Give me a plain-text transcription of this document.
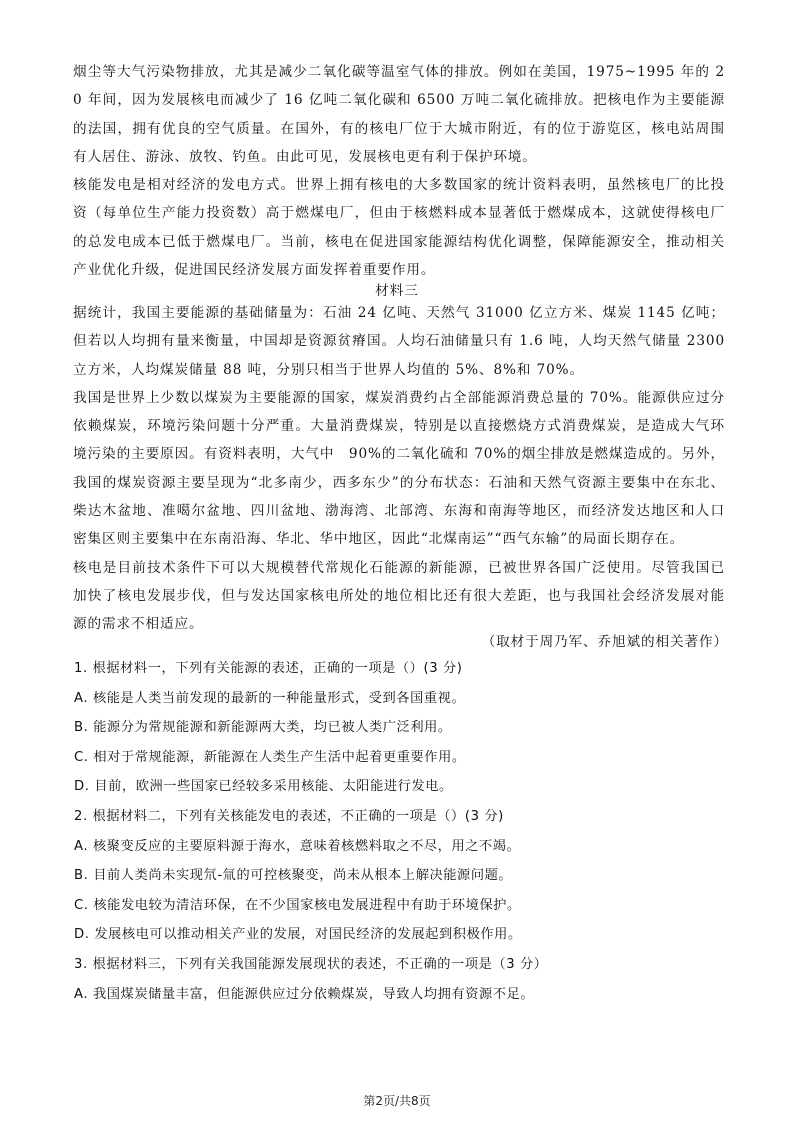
烟尘等大气污染物排放，尤其是减少二氧化碳等温室气体的排放。例如在美国，1975~1995 年的 20 年间，因为发展核电而减少了 16 亿吨二氧化碳和 6500 万吨二氧化硫排放。把核电作为主要能源的法国，拥有优良的空气质量。在国外，有的核电厂位于大城市附近，有的位于游览区，核电站周围有人居住、游泳、放牧、钓鱼。由此可见，发展核电更有利于保护环境。

核能发电是相对经济的发电方式。世界上拥有核电的大多数国家的统计资料表明，虽然核电厂的比投资（每单位生产能力投资数）高于燃煤电厂，但由于核燃料成本显著低于燃煤成本，这就使得核电厂的总发电成本已低于燃煤电厂。当前，核电在促进国家能源结构优化调整，保障能源安全，推动相关产业优化升级，促进国民经济发展方面发挥着重要作用。

材料三

据统计，我国主要能源的基础储量为：石油 24 亿吨、天然气 31000 亿立方米、煤炭 1145 亿吨；但若以人均拥有量来衡量，中国却是资源贫瘠国。人均石油储量只有 1.6 吨，人均天然气储量 2300 立方米，人均煤炭储量 88 吨，分别只相当于世界人均值的 5%、8%和 70%。

我国是世界上少数以煤炭为主要能源的国家，煤炭消费约占全部能源消费总量的 70%。能源供应过分依赖煤炭，环境污染问题十分严重。大量消费煤炭，特别是以直接燃烧方式消费煤炭，是造成大气环境污染的主要原因。有资料表明，大气中　90%的二氧化硫和 70%的烟尘排放是燃煤造成的。另外，我国的煤炭资源主要呈现为“北多南少，西多东少”的分布状态：石油和天然气资源主要集中在东北、柴达木盆地、准噶尔盆地、四川盆地、渤海湾、北部湾、东海和南海等地区，而经济发达地区和人口密集区则主要集中在东南沿海、华北、华中地区，因此“北煤南运”“西气东输”的局面长期存在。

核电是目前技术条件下可以大规模替代常规化石能源的新能源，已被世界各国广泛使用。尽管我国已加快了核电发展步伐，但与发达国家核电所处的地位相比还有很大差距，也与我国社会经济发展对能源的需求不相适应。

（取材于周乃军、乔旭斌的相关著作）
1. 根据材料一，下列有关能源的表述，正确的一项是（）(3 分)
A. 核能是人类当前发现的最新的一种能量形式，受到各国重视。
B. 能源分为常规能源和新能源两大类，均已被人类广泛利用。
C. 相对于常规能源，新能源在人类生产生活中起着更重要作用。
D. 目前，欧洲一些国家已经较多采用核能、太阳能进行发电。
2. 根据材料二，下列有关核能发电的表述，不正确的一项是（）(3 分)
A. 核聚变反应的主要原料源于海水，意味着核燃料取之不尽，用之不竭。
B. 目前人类尚未实现氘-氚的可控核聚变，尚未从根本上解决能源问题。
C. 核能发电较为清洁环保，在不少国家核电发展进程中有助于环境保护。
D. 发展核电可以推动相关产业的发展，对国民经济的发展起到积极作用。
3. 根据材料三，下列有关我国能源发展现状的表述，不正确的一项是（3 分）
A. 我国煤炭储量丰富，但能源供应过分依赖煤炭，导致人均拥有资源不足。
第2页/共8页
